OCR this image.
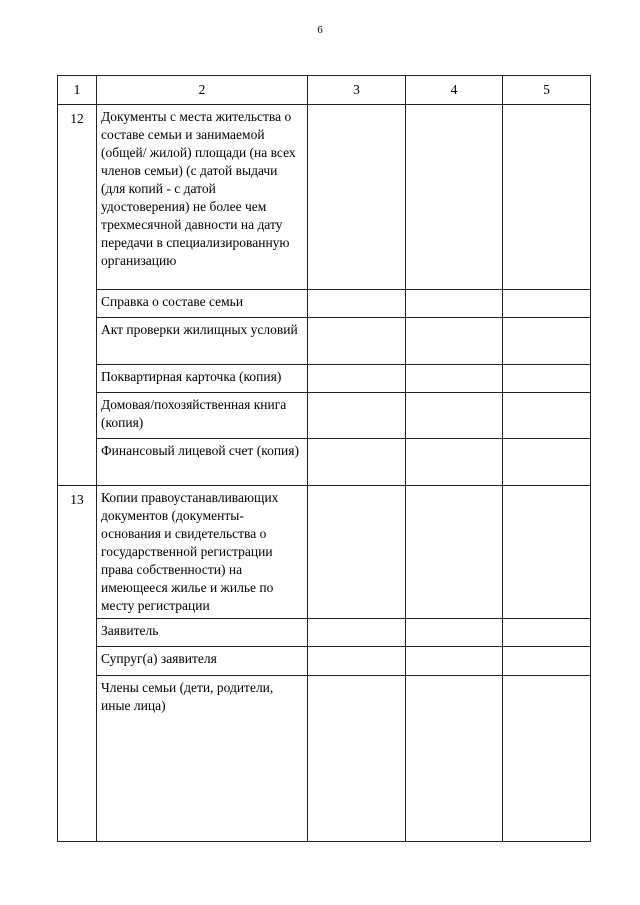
6
1	2	3	4	5
12	Документы с места жительства о составе семьи и занимаемой (общей/ жилой) площади (на всех членов семьи) (с датой выдачи (для копий - с датой удостоверения) не более чем трехмесячной давности на дату передачи в специализированную организацию			
	Справка о составе семьи			
	Акт проверки жилищных условий			
	Поквартирная карточка (копия)			
	Домовая/похозяйственная книга (копия)			
	Финансовый лицевой счет (копия)			
13	Копии правоустанавливающих документов (документы-основания и свидетельства о государственной регистрации права собственности) на имеющееся жилье и жилье по месту регистрации			
	Заявитель			
	Супруг(а) заявителя			
	Члены семьи (дети, родители, иные лица)			
